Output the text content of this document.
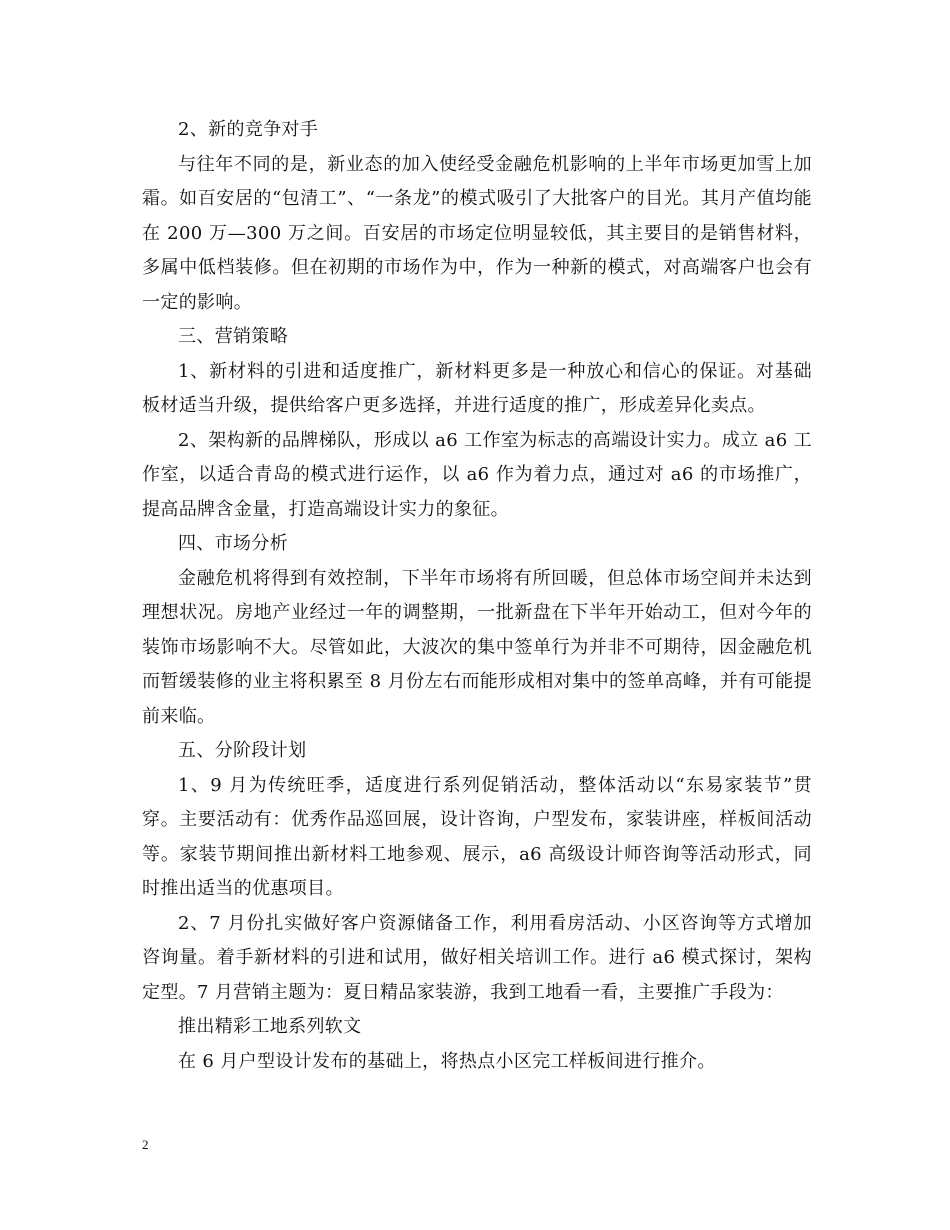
2、新的竞争对手

与往年不同的是，新业态的加入使经受金融危机影响的上半年市场更加雪上加霜。如百安居的“包清工”、“一条龙”的模式吸引了大批客户的目光。其月产值均能在 200 万—300 万之间。百安居的市场定位明显较低，其主要目的是销售材料，多属中低档装修。但在初期的市场作为中，作为一种新的模式，对高端客户也会有一定的影响。

三、营销策略

1、新材料的引进和适度推广，新材料更多是一种放心和信心的保证。对基础板材适当升级，提供给客户更多选择，并进行适度的推广，形成差异化卖点。

2、架构新的品牌梯队，形成以 a6 工作室为标志的高端设计实力。成立 a6 工作室，以适合青岛的模式进行运作，以 a6 作为着力点，通过对 a6 的市场推广，提高品牌含金量，打造高端设计实力的象征。

四、市场分析

金融危机将得到有效控制，下半年市场将有所回暖，但总体市场空间并未达到理想状况。房地产业经过一年的调整期，一批新盘在下半年开始动工，但对今年的装饰市场影响不大。尽管如此，大波次的集中签单行为并非不可期待，因金融危机而暂缓装修的业主将积累至 8 月份左右而能形成相对集中的签单高峰，并有可能提前来临。

五、分阶段计划

1、9 月为传统旺季，适度进行系列促销活动，整体活动以“东易家装节”贯穿。主要活动有：优秀作品巡回展，设计咨询，户型发布，家装讲座，样板间活动等。家装节期间推出新材料工地参观、展示，a6 高级设计师咨询等活动形式，同时推出适当的优惠项目。

2、7 月份扎实做好客户资源储备工作，利用看房活动、小区咨询等方式增加咨询量。着手新材料的引进和试用，做好相关培训工作。进行 a6 模式探讨，架构定型。7 月营销主题为：夏日精品家装游，我到工地看一看，主要推广手段为：

推出精彩工地系列软文

在 6 月户型设计发布的基础上，将热点小区完工样板间进行推介。

2
